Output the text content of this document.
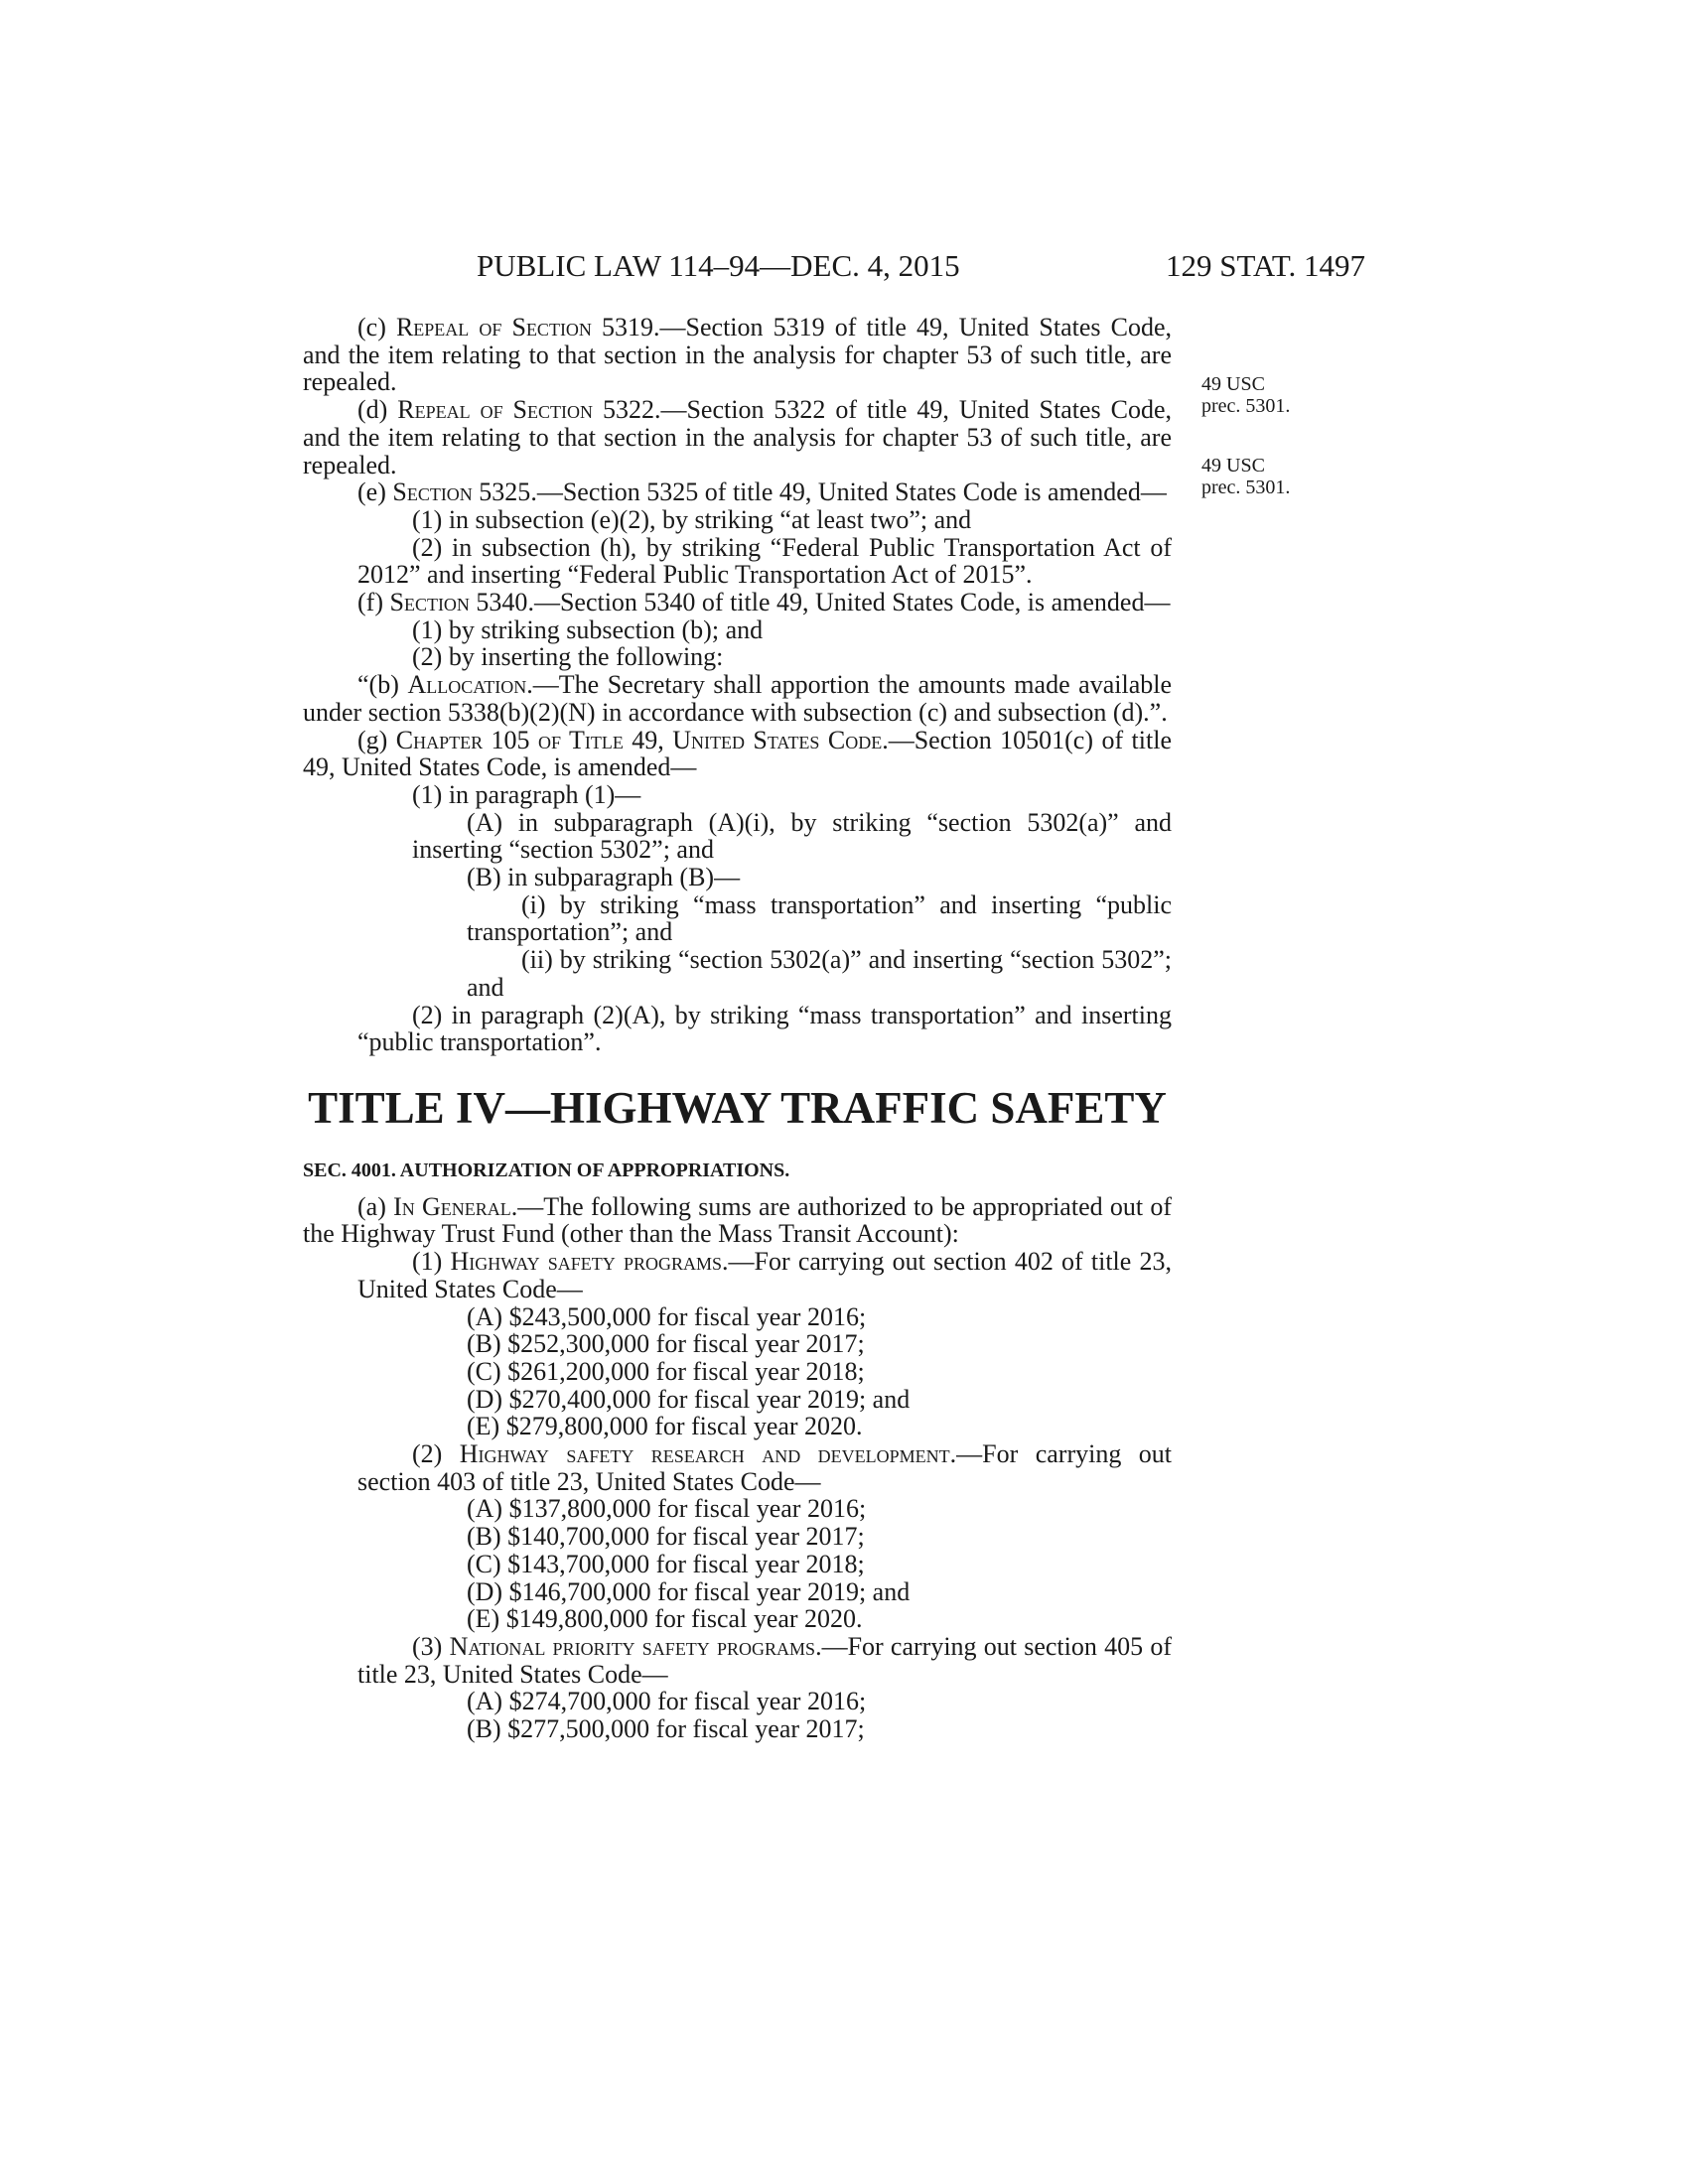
PUBLIC LAW 114–94—DEC. 4, 2015	129 STAT. 1497
49 USC
prec. 5301.
49 USC
prec. 5301.

(c) Repeal of Section 5319.—Section 5319 of title 49, United States Code, and the item relating to that section in the analysis for chapter 53 of such title, are repealed.

(d) Repeal of Section 5322.—Section 5322 of title 49, United States Code, and the item relating to that section in the analysis for chapter 53 of such title, are repealed.

(e) Section 5325.—Section 5325 of title 49, United States Code is amended—

(1) in subsection (e)(2), by striking “at least two”; and

(2) in subsection (h), by striking “Federal Public Transportation Act of 2012” and inserting “Federal Public Transportation Act of 2015”.

(f) Section 5340.—Section 5340 of title 49, United States Code, is amended—

(1) by striking subsection (b); and

(2) by inserting the following:

“(b) Allocation.—The Secretary shall apportion the amounts made available under section 5338(b)(2)(N) in accordance with subsection (c) and subsection (d).”.

(g) Chapter 105 of Title 49, United States Code.—Section 10501(c) of title 49, United States Code, is amended—

(1) in paragraph (1)—

(A) in subparagraph (A)(i), by striking “section 5302(a)” and inserting “section 5302”; and

(B) in subparagraph (B)—

(i) by striking “mass transportation” and inserting “public transportation”; and

(ii) by striking “section 5302(a)” and inserting “section 5302”; and

(2) in paragraph (2)(A), by striking “mass transportation” and inserting “public transportation”.

TITLE IV—HIGHWAY TRAFFIC SAFETY

SEC. 4001. AUTHORIZATION OF APPROPRIATIONS.

(a) In General.—The following sums are authorized to be appropriated out of the Highway Trust Fund (other than the Mass Transit Account):

(1) Highway safety programs.—For carrying out section 402 of title 23, United States Code—

(A) $243,500,000 for fiscal year 2016;

(B) $252,300,000 for fiscal year 2017;

(C) $261,200,000 for fiscal year 2018;

(D) $270,400,000 for fiscal year 2019; and

(E) $279,800,000 for fiscal year 2020.

(2) Highway safety research and development.—For carrying out section 403 of title 23, United States Code—

(A) $137,800,000 for fiscal year 2016;

(B) $140,700,000 for fiscal year 2017;

(C) $143,700,000 for fiscal year 2018;

(D) $146,700,000 for fiscal year 2019; and

(E) $149,800,000 for fiscal year 2020.

(3) National priority safety programs.—For carrying out section 405 of title 23, United States Code—

(A) $274,700,000 for fiscal year 2016;

(B) $277,500,000 for fiscal year 2017;
